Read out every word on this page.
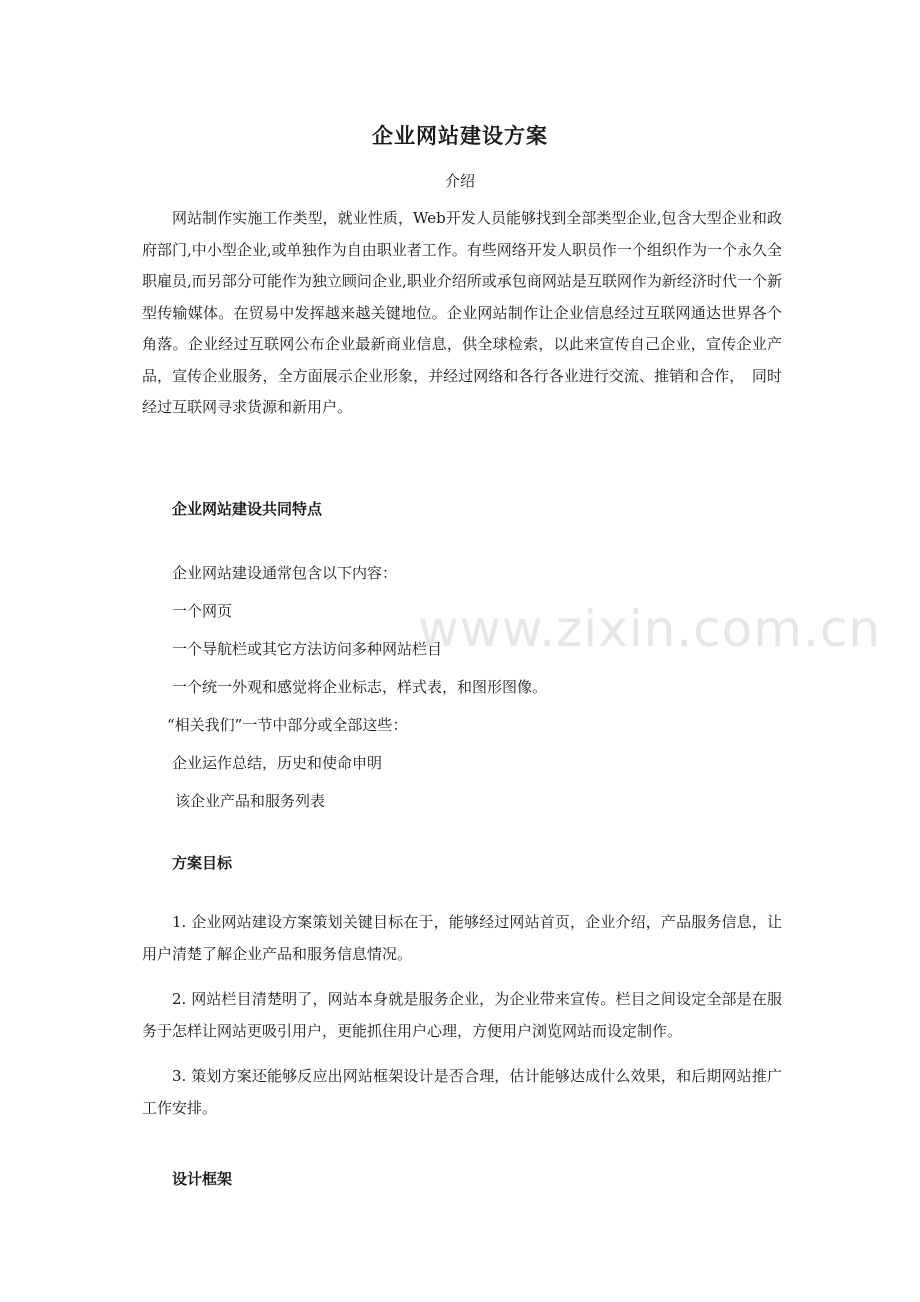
企业网站建设方案

介绍

网站制作实施工作类型，就业性质，Web开发人员能够找到全部类型企业,包含大型企业和政府部门,中小型企业,或单独作为自由职业者工作。有些网络开发人职员作一个组织作为一个永久全职雇员,而另部分可能作为独立顾问企业,职业介绍所或承包商网站是互联网作为新经济时代一个新型传输媒体。在贸易中发挥越来越关键地位。企业网站制作让企业信息经过互联网通达世界各个角落。企业经过互联网公布企业最新商业信息，供全球检索，以此来宣传自己企业，宣传企业产品，宣传企业服务，全方面展示企业形象，并经过网络和各行各业进行交流、推销和合作，　同时经过互联网寻求货源和新用户。

企业网站建设共同特点

企业网站建设通常包含以下内容：

一个网页

一个导航栏或其它方法访问多种网站栏目

一个统一外观和感觉将企业标志，样式表，和图形图像。

“相关我们”一节中部分或全部这些：

企业运作总结，历史和使命申明

该企业产品和服务列表

方案目标

1. 企业网站建设方案策划关键目标在于，能够经过网站首页，企业介绍，产品服务信息，让用户清楚了解企业产品和服务信息情况。

2. 网站栏目清楚明了，网站本身就是服务企业，为企业带来宣传。栏目之间设定全部是在服务于怎样让网站更吸引用户，更能抓住用户心理，方便用户浏览网站而设定制作。

3. 策划方案还能够反应出网站框架设计是否合理，估计能够达成什么效果，和后期网站推广工作安排。

设计框架
www.zixin.com.cn
